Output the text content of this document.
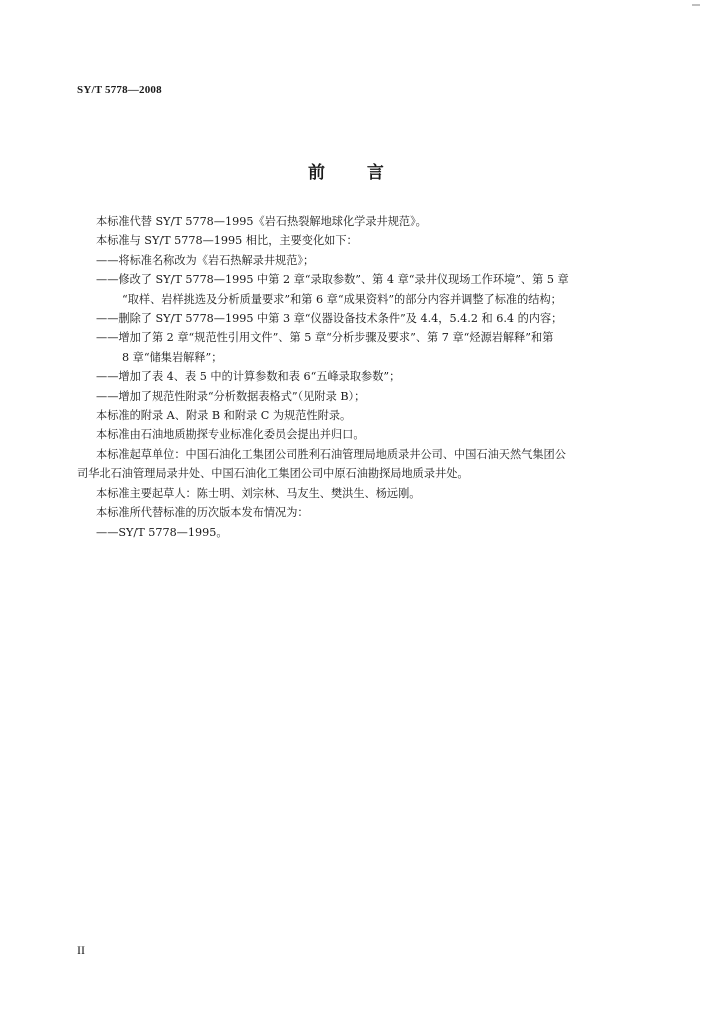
SY/T 5778—2008
前 言

本标准代替 SY/T 5778—1995《岩石热裂解地球化学录井规范》。

本标准与 SY/T 5778—1995 相比，主要变化如下：

——将标准名称改为《岩石热解录井规范》；

——修改了 SY/T 5778—1995 中第 2 章“录取参数”、第 4 章“录井仪现场工作环境”、第 5 章

“取样、岩样挑选及分析质量要求”和第 6 章“成果资料”的部分内容并调整了标准的结构；

——删除了 SY/T 5778—1995 中第 3 章“仪器设备技术条件”及 4.4，5.4.2 和 6.4 的内容；

——增加了第 2 章“规范性引用文件”、第 5 章“分析步骤及要求”、第 7 章“烃源岩解释”和第

8 章“储集岩解释”；

——增加了表 4、表 5 中的计算参数和表 6“五峰录取参数”；

——增加了规范性附录“分析数据表格式”（见附录 B）；

本标准的附录 A、附录 B 和附录 C 为规范性附录。

本标准由石油地质勘探专业标准化委员会提出并归口。

本标准起草单位：中国石油化工集团公司胜利石油管理局地质录井公司、中国石油天然气集团公

司华北石油管理局录井处、中国石油化工集团公司中原石油勘探局地质录井处。

本标准主要起草人：陈士明、刘宗林、马友生、樊洪生、杨远刚。

本标准所代替标准的历次版本发布情况为：

——SY/T 5778—1995。

II
